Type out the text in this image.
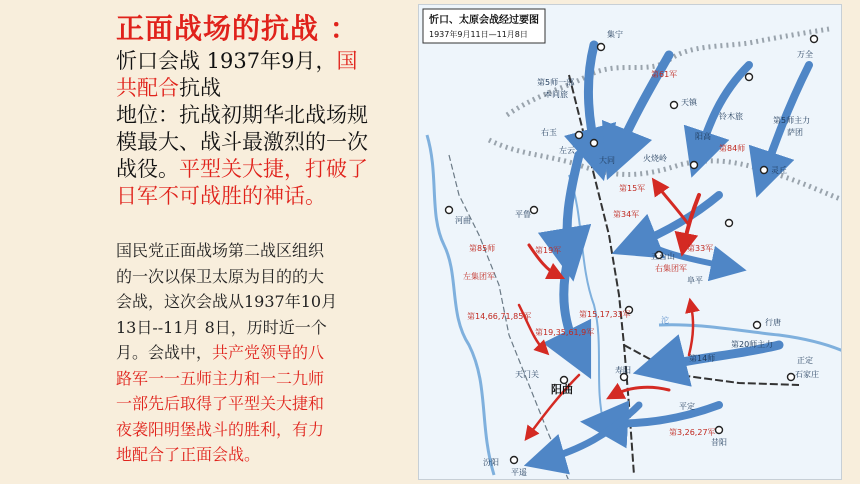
正面战场的抗战 ：
忻口会战 1937年9月，国
共配合抗战
地位：抗战初期华北战场规
模最大、战斗最激烈的一次
战役。平型关大捷，打破了
日军不可战胜的神话。
国民党正面战场第二战区组织
的一次以保卫太原为目的的大
会战，这次会战从1937年10月
13日--11月 8日，历时近一个
月。会战中，共产党领导的八
路军一一五师主力和一二九师
一部先后取得了平型关大捷和
夜袭阳明堡战斗的胜利，有力
地配合了正面会战。
忻口、太原会战经过要图
1937年9月11日—11月8日	集宁
万全
第5师一部
本间旅
第61军
天镇
铃木旅	第5师主力
萨团
右玉	阳高
左云
大同	火烧岭
第84师
第15军
灵丘
第34军
平鲁
第85师	第19军
五台山
右集团军
第33军
左集团军	阜平
河曲
第14,66,71,85军
第19,35,61,9军
第15,17,33军
行唐
第20师主力
第14师	正定
石家庄
阳曲
寿阳
平定
第3,26,27军
昔阳
汾阳
平遥
天门关
沱
